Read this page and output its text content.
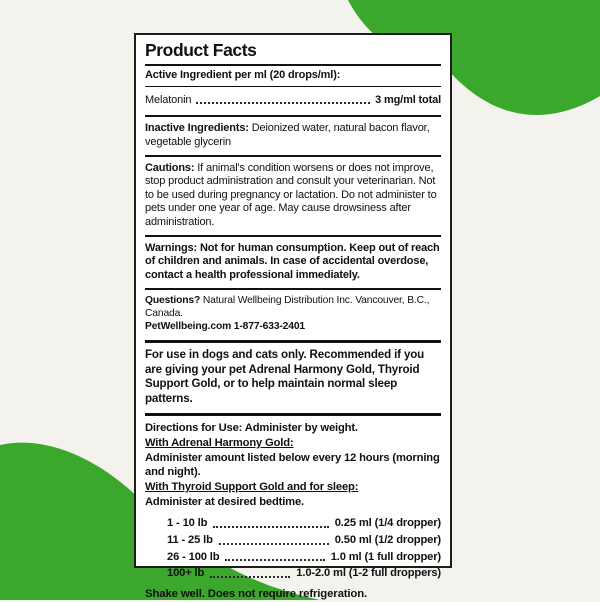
Product Facts
Active Ingredient per ml (20 drops/ml):
Melatonin	3 mg/ml total
Inactive Ingredients: Deionized water, natural bacon flavor, vegetable glycerin
Cautions: If animal's condition worsens or does not improve, stop product administration and consult your veterinarian. Not to be used during pregnancy or lactation. Do not administer to pets under one year of age. May cause drowsiness after administration.
Warnings: Not for human consumption. Keep out of reach of children and animals. In case of accidental overdose, contact a health professional immediately.
Questions? Natural Wellbeing Distribution Inc. Vancouver, B.C., Canada.
PetWellbeing.com 1-877-633-2401
For use in dogs and cats only. Recommended if you are giving your pet Adrenal Harmony Gold, Thyroid Support Gold, or to help maintain normal sleep patterns.
Directions for Use: Administer by weight.
With Adrenal Harmony Gold:
Administer amount listed below every 12 hours (morning and night).
With Thyroid Support Gold and for sleep:
Administer at desired bedtime.
1 - 10 lb	0.25 ml (1/4 dropper)
11 - 25 lb	0.50 ml (1/2 dropper)
26 - 100 lb	1.0 ml (1 full dropper)
100+ lb	1.0-2.0 ml (1-2 full droppers)
Shake well. Does not require refrigeration.
